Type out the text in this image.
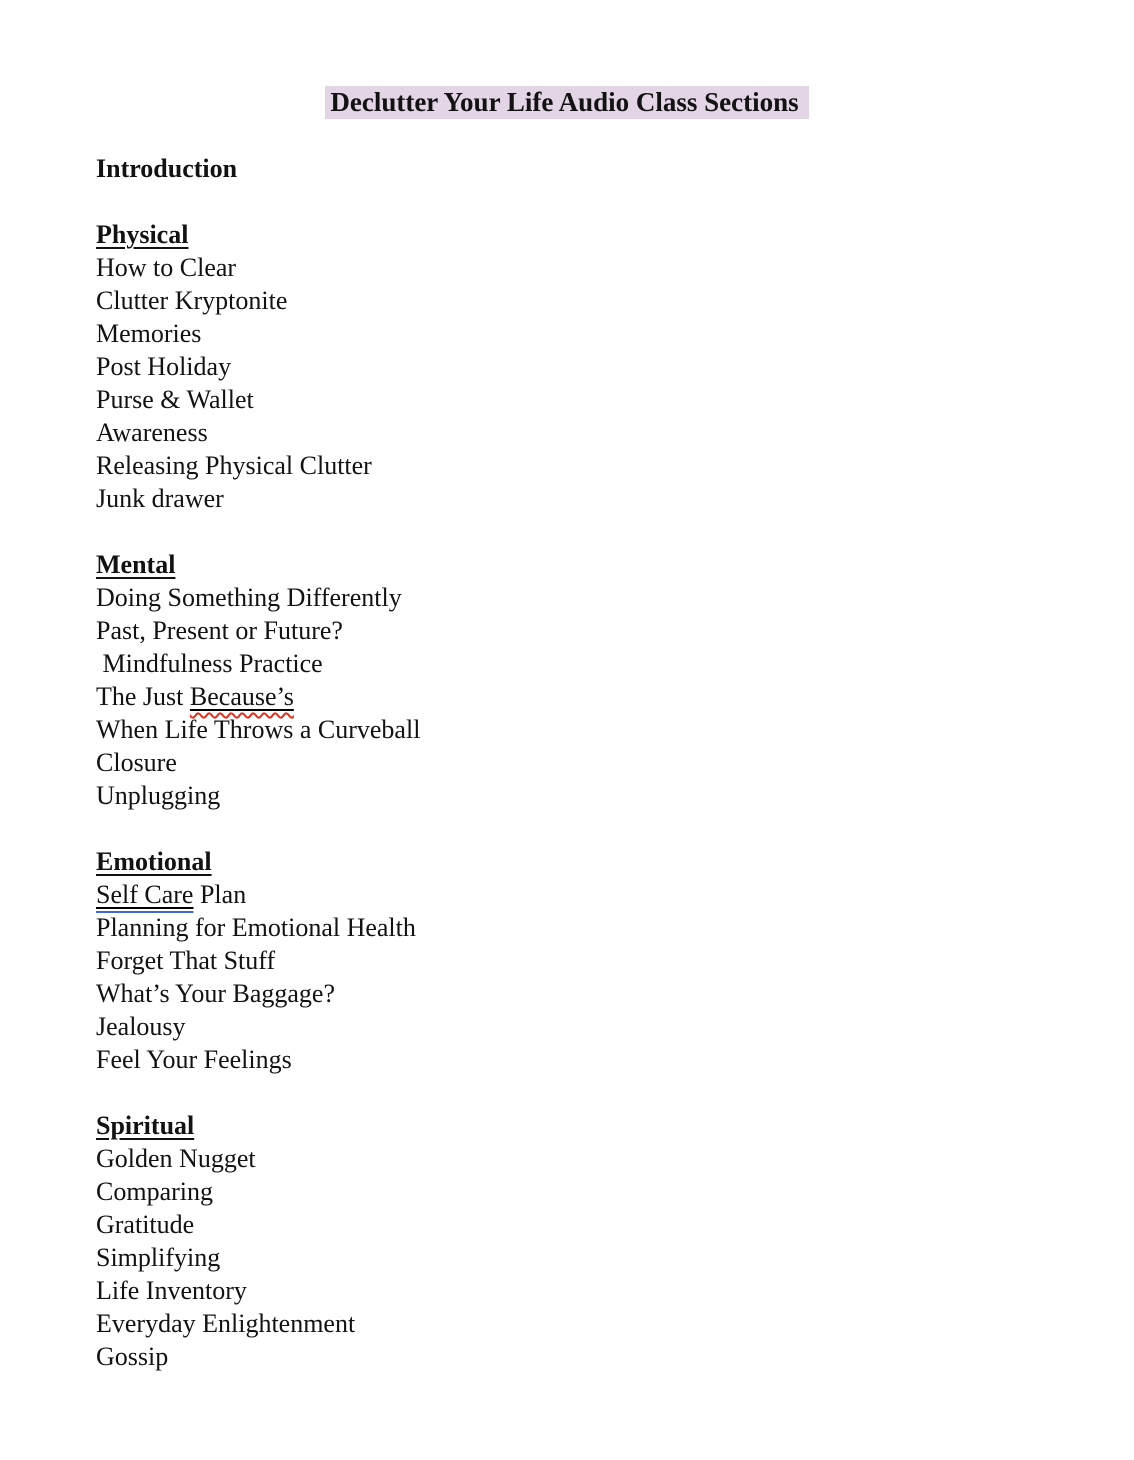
Declutter Your Life Audio Class Sections

Introduction

Physical

How to Clear

Clutter Kryptonite

Memories

Post Holiday

Purse & Wallet

Awareness

Releasing Physical Clutter

Junk drawer

Mental

Doing Something Differently

Past, Present or Future?

Mindfulness Practice

The Just Because’s

When Life Throws a Curveball

Closure

Unplugging

Emotional

Self Care Plan

Planning for Emotional Health

Forget That Stuff

What’s Your Baggage?

Jealousy

Feel Your Feelings

Spiritual

Golden Nugget

Comparing

Gratitude

Simplifying

Life Inventory

Everyday Enlightenment

Gossip
